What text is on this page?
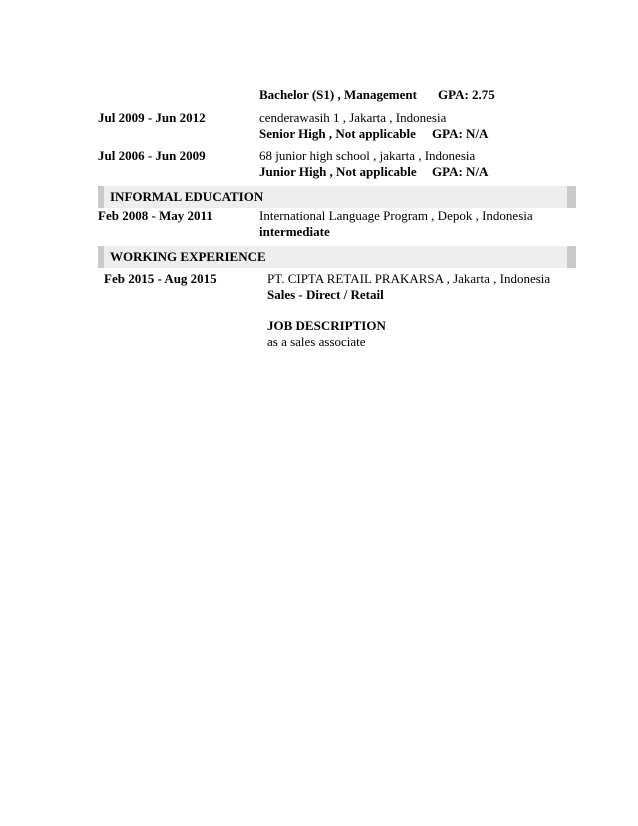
Bachelor (S1) , Management GPA: 2.75
Jul 2009 - Jun 2012	cenderawasih 1 , Jakarta , Indonesia
Senior High , Not applicable GPA: N/A
Jul 2006 - Jun 2009	68 junior high school , jakarta , Indonesia
Junior High , Not applicable GPA: N/A
INFORMAL EDUCATION
Feb 2008 - May 2011	International Language Program , Depok , Indonesia
intermediate
WORKING EXPERIENCE
Feb 2015 - Aug 2015	PT. CIPTA RETAIL PRAKARSA , Jakarta , Indonesia
Sales - Direct / Retail
JOB DESCRIPTION
as a sales associate
